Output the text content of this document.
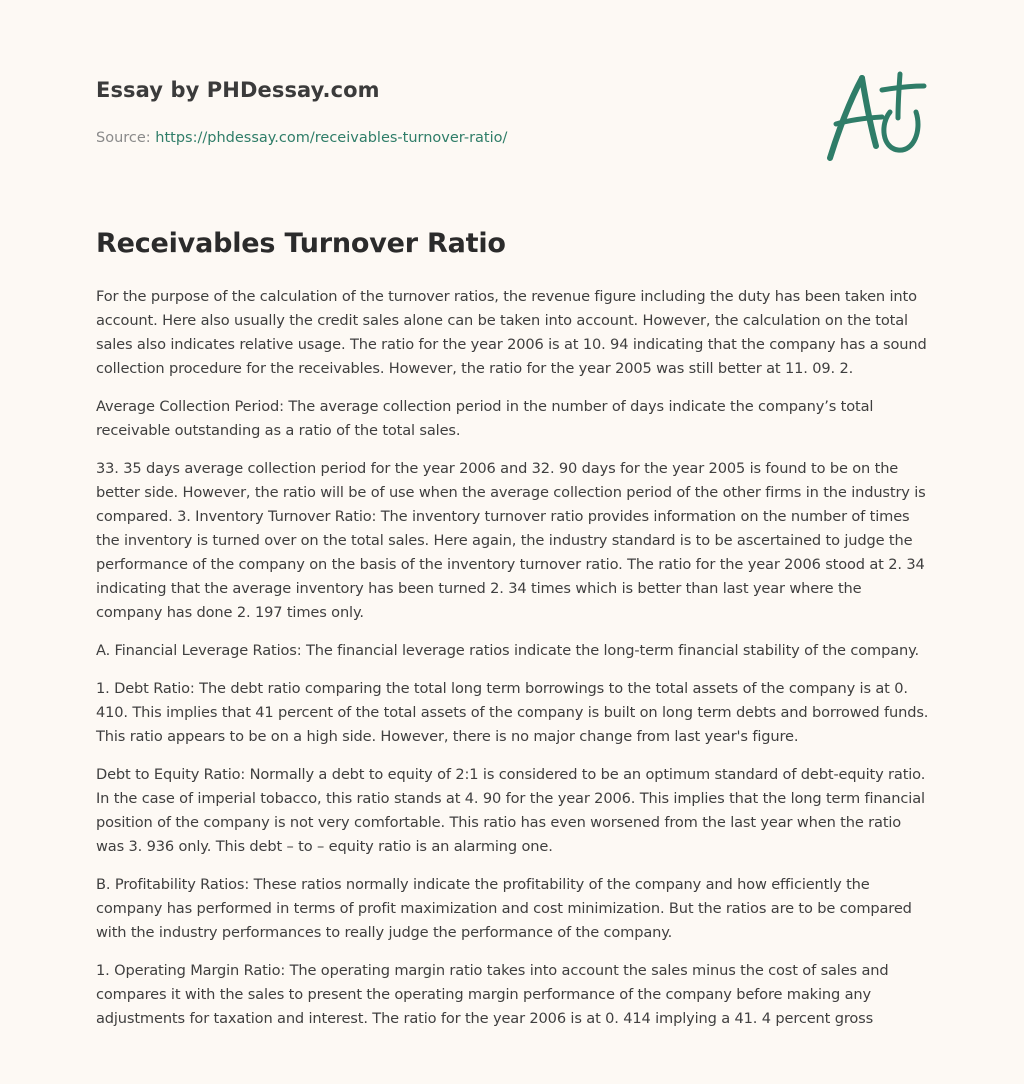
Essay by PHDessay.com

Source: https://phdessay.com/receivables-turnover-ratio/
Receivables Turnover Ratio

For the purpose of the calculation of the turnover ratios, the revenue figure including the duty has been taken into account. Here also usually the credit sales alone can be taken into account. However, the calculation on the total sales also indicates relative usage. The ratio for the year 2006 is at 10. 94 indicating that the company has a sound collection procedure for the receivables. However, the ratio for the year 2005 was still better at 11. 09. 2.

Average Collection Period: The average collection period in the number of days indicate the company’s total receivable outstanding as a ratio of the total sales.

33. 35 days average collection period for the year 2006 and 32. 90 days for the year 2005 is found to be on the better side. However, the ratio will be of use when the average collection period of the other firms in the industry is compared. 3. Inventory Turnover Ratio: The inventory turnover ratio provides information on the number of times the inventory is turned over on the total sales. Here again, the industry standard is to be ascertained to judge the performance of the company on the basis of the inventory turnover ratio. The ratio for the year 2006 stood at 2. 34 indicating that the average inventory has been turned 2. 34 times which is better than last year where the company has done 2. 197 times only.

A. Financial Leverage Ratios: The financial leverage ratios indicate the long-term financial stability of the company.

1. Debt Ratio: The debt ratio comparing the total long term borrowings to the total assets of the company is at 0. 410. This implies that 41 percent of the total assets of the company is built on long term debts and borrowed funds. This ratio appears to be on a high side. However, there is no major change from last year's figure.

Debt to Equity Ratio: Normally a debt to equity of 2:1 is considered to be an optimum standard of debt-equity ratio. In the case of imperial tobacco, this ratio stands at 4. 90 for the year 2006. This implies that the long term financial position of the company is not very comfortable. This ratio has even worsened from the last year when the ratio was 3. 936 only. This debt – to – equity ratio is an alarming one.

B. Profitability Ratios: These ratios normally indicate the profitability of the company and how efficiently the company has performed in terms of profit maximization and cost minimization. But the ratios are to be compared with the industry performances to really judge the performance of the company.

1. Operating Margin Ratio: The operating margin ratio takes into account the sales minus the cost of sales and compares it with the sales to present the operating margin performance of the company before making any adjustments for taxation and interest. The ratio for the year 2006 is at 0. 414 implying a 41. 4 percent gross
